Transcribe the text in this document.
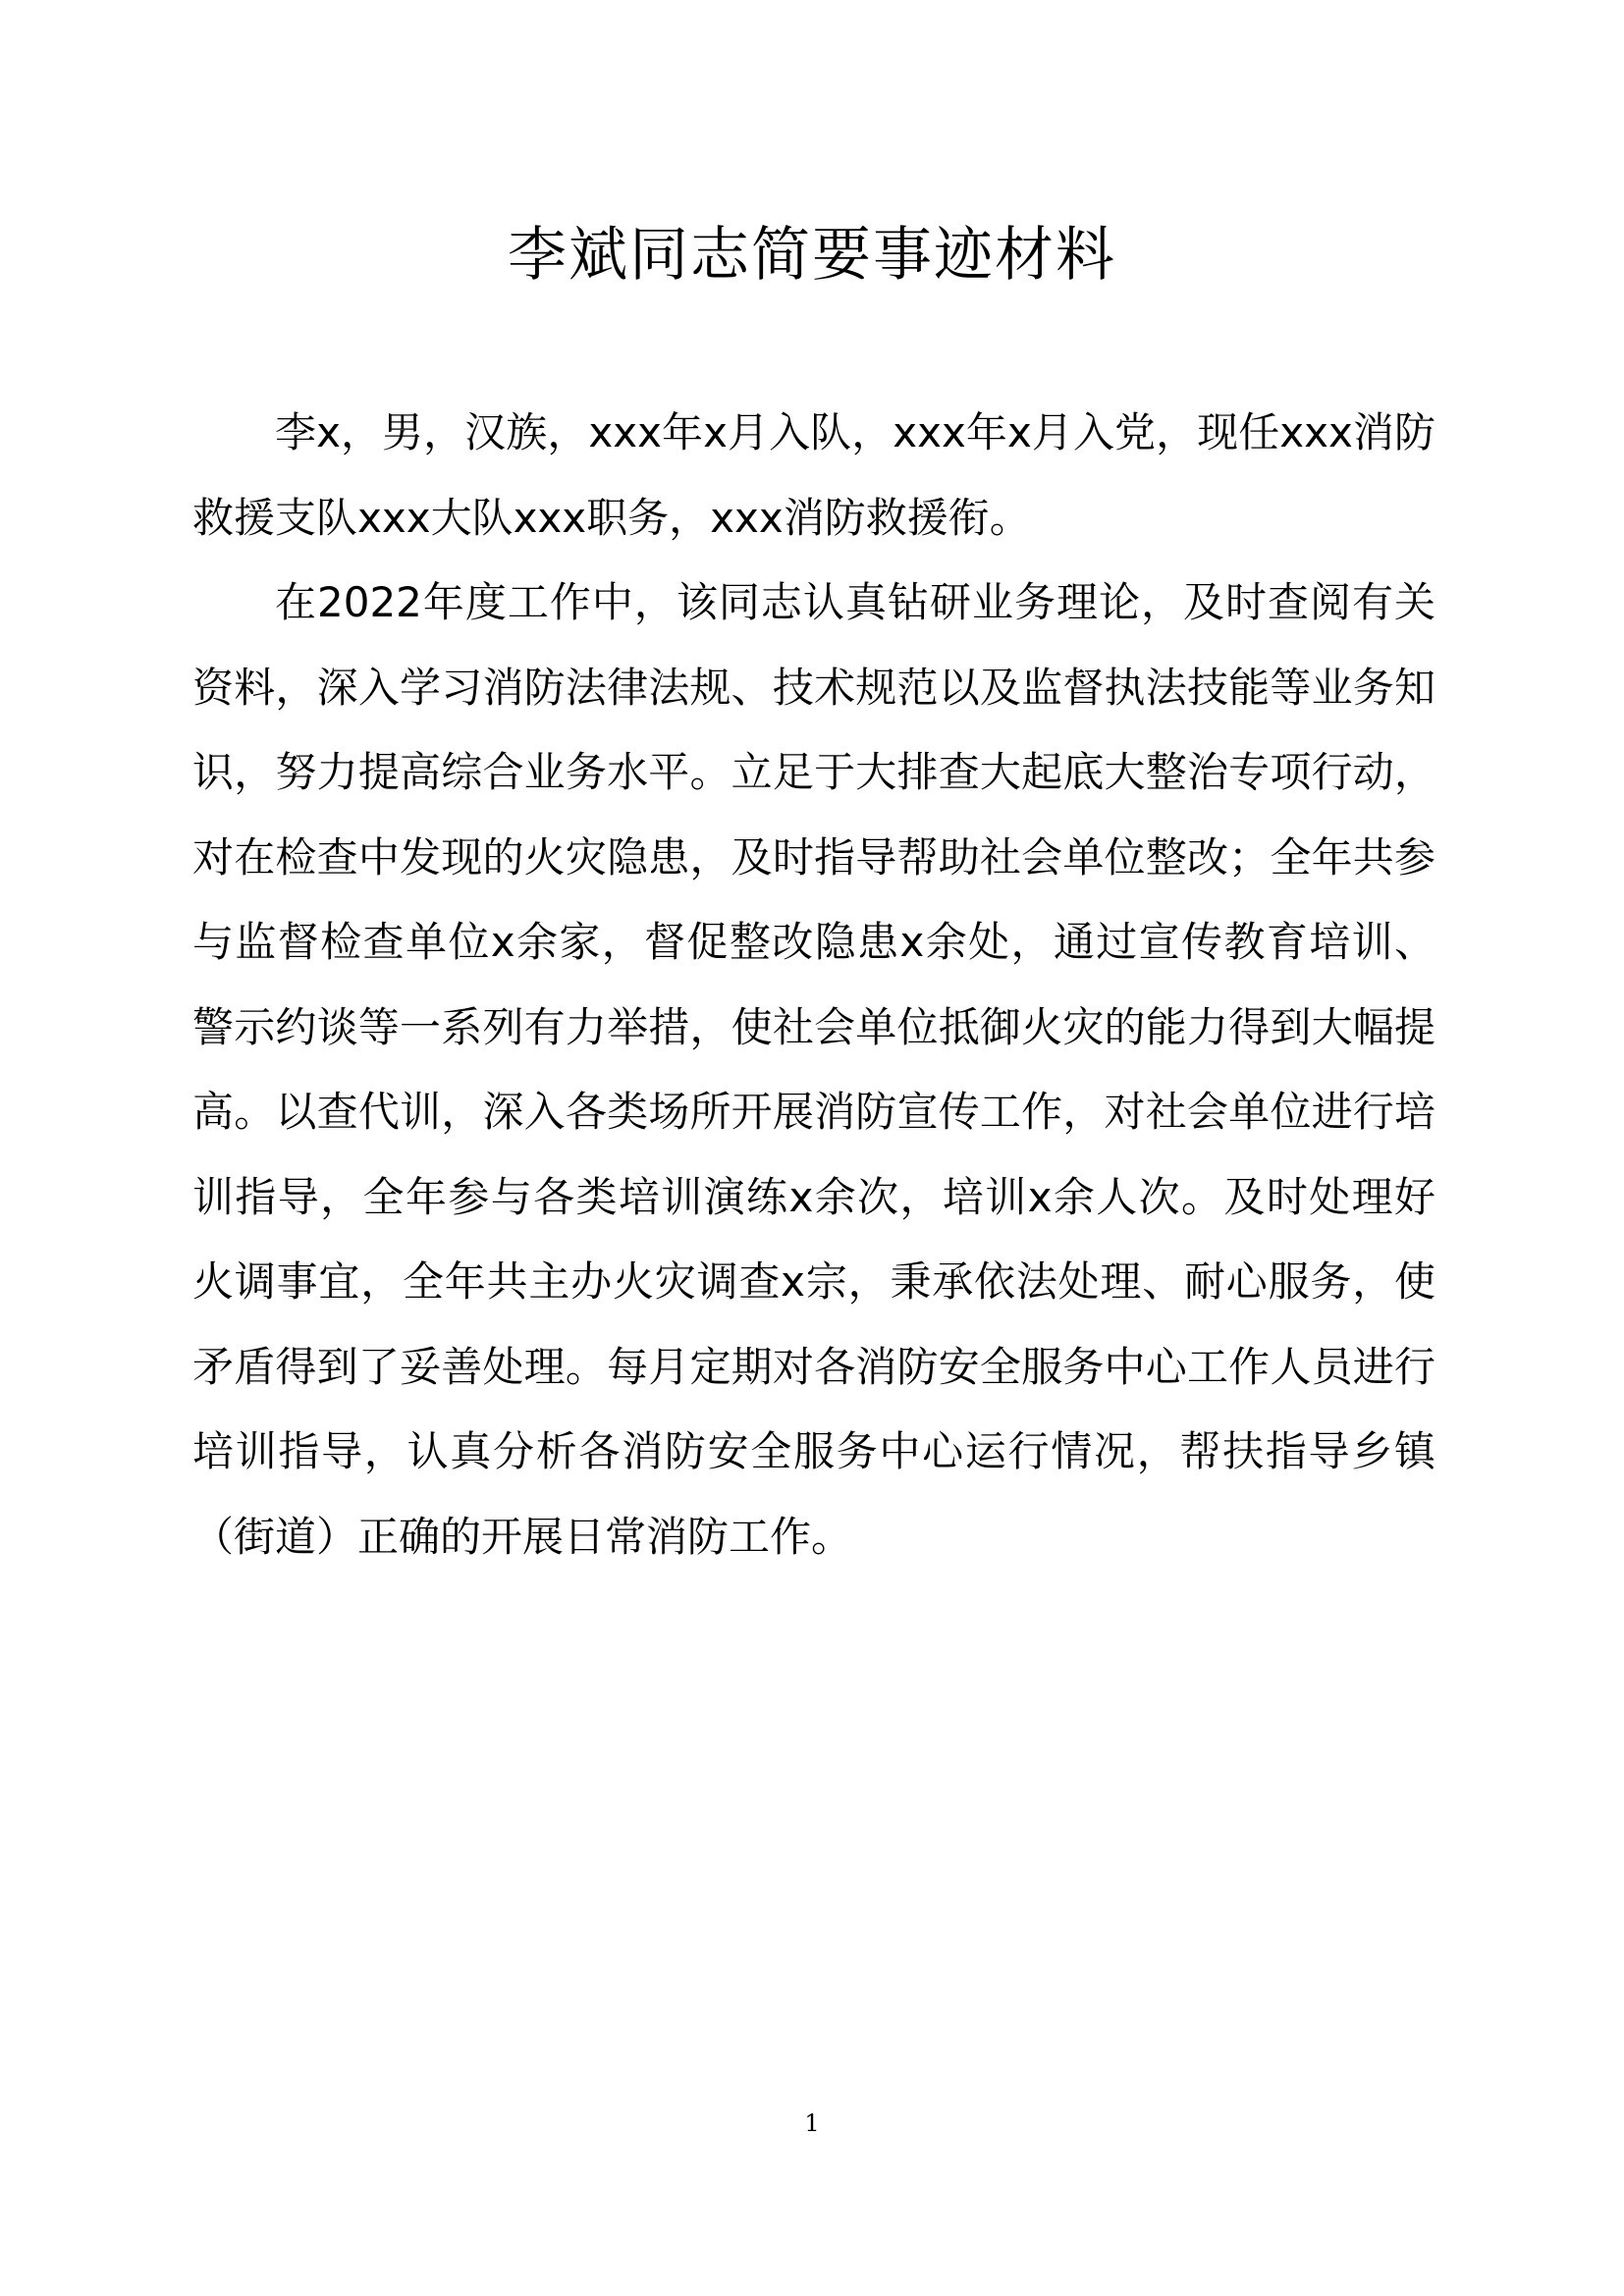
李斌同志简要事迹材料

李x，男，汉族，xxx年x月入队，xxx年x月入党，现任xxx消防救援支队xxx大队xxx职务，xxx消防救援衔。

在2022年度工作中，该同志认真钻研业务理论，及时查阅有关资料，深入学习消防法律法规、技术规范以及监督执法技能等业务知识，努力提高综合业务水平。立足于大排查大起底大整治专项行动，对在检查中发现的火灾隐患，及时指导帮助社会单位整改；全年共参与监督检查单位x余家，督促整改隐患x余处，通过宣传教育培训、警示约谈等一系列有力举措，使社会单位抵御火灾的能力得到大幅提高。以查代训，深入各类场所开展消防宣传工作，对社会单位进行培训指导，全年参与各类培训演练x余次，培训x余人次。及时处理好火调事宜，全年共主办火灾调查x宗，秉承依法处理、耐心服务，使矛盾得到了妥善处理。每月定期对各消防安全服务中心工作人员进行培训指导，认真分析各消防安全服务中心运行情况，帮扶指导乡镇（街道）正确的开展日常消防工作。

1
